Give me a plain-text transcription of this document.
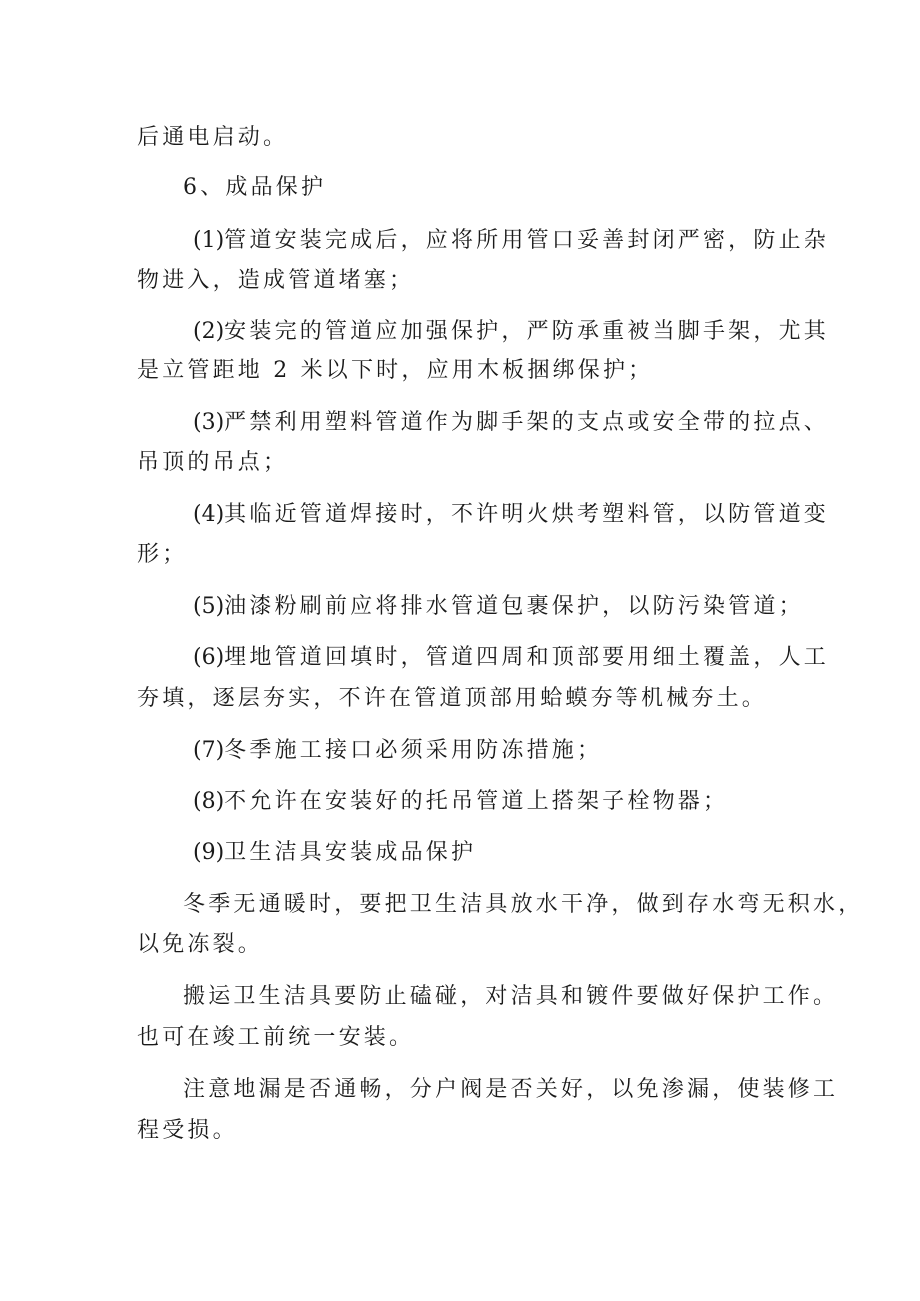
后通电启动。
6、成品保护
(1)管道安装完成后，应将所用管口妥善封闭严密，防止杂
物进入，造成管道堵塞；
(2)安装完的管道应加强保护，严防承重被当脚手架，尤其
是立管距地 2 米以下时，应用木板捆绑保护；
(3)严禁利用塑料管道作为脚手架的支点或安全带的拉点、
吊顶的吊点；
(4)其临近管道焊接时，不许明火烘考塑料管，以防管道变
形；
(5)油漆粉刷前应将排水管道包裹保护，以防污染管道；
(6)埋地管道回填时，管道四周和顶部要用细土覆盖，人工
夯填，逐层夯实，不许在管道顶部用蛤蟆夯等机械夯土。
(7)冬季施工接口必须采用防冻措施；
(8)不允许在安装好的托吊管道上搭架子栓物器；
(9)卫生洁具安装成品保护
冬季无通暖时，要把卫生洁具放水干净，做到存水弯无积水，
以免冻裂。
搬运卫生洁具要防止磕碰，对洁具和镀件要做好保护工作。
也可在竣工前统一安装。
注意地漏是否通畅，分户阀是否关好，以免渗漏，使装修工
程受损。
